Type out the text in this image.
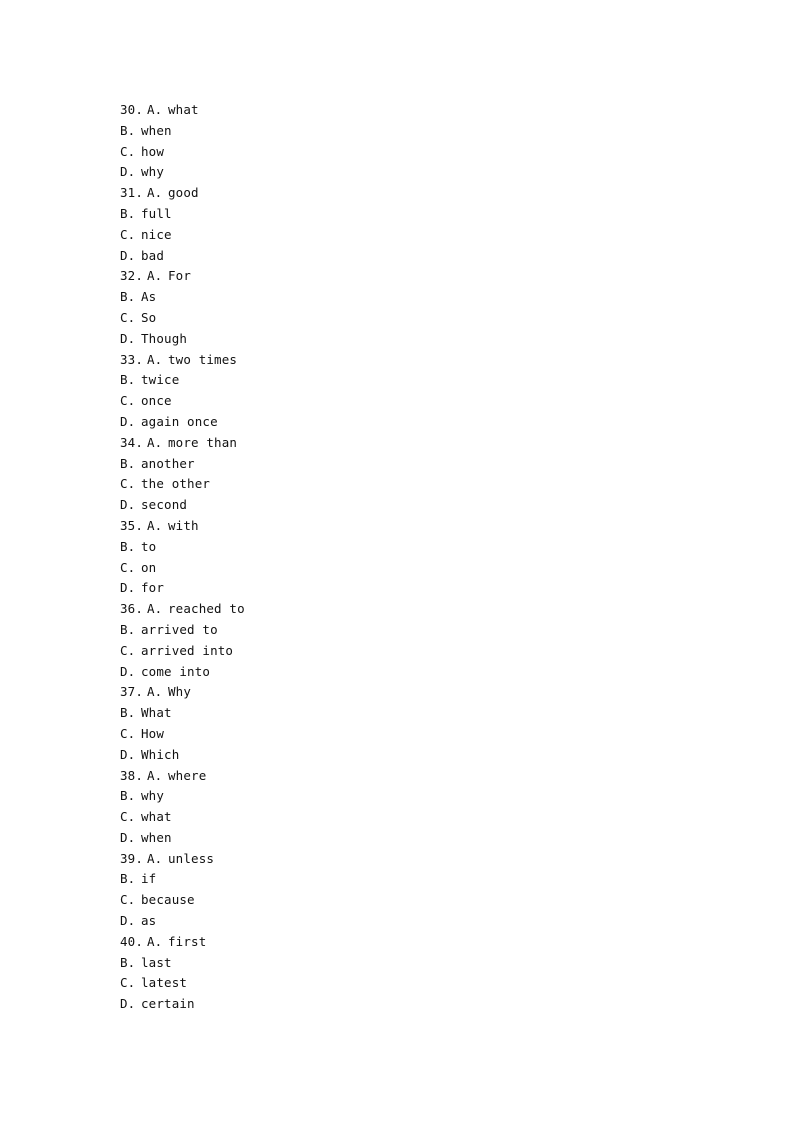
30. A. what
B. when
C. how
D. why
31. A. good
B. full
C. nice
D. bad
32. A. For
B. As
C. So
D. Though
33. A. two times
B. twice
C. once
D. again once
34. A. more than
B. another
C. the other
D. second
35. A. with
B. to
C. on
D. for
36. A. reached to
B. arrived to
C. arrived into
D. come into
37. A. Why
B. What
C. How
D. Which
38. A. where
B. why
C. what
D. when
39. A. unless
B. if
C. because
D. as
40. A. first
B. last
C. latest
D. certain
